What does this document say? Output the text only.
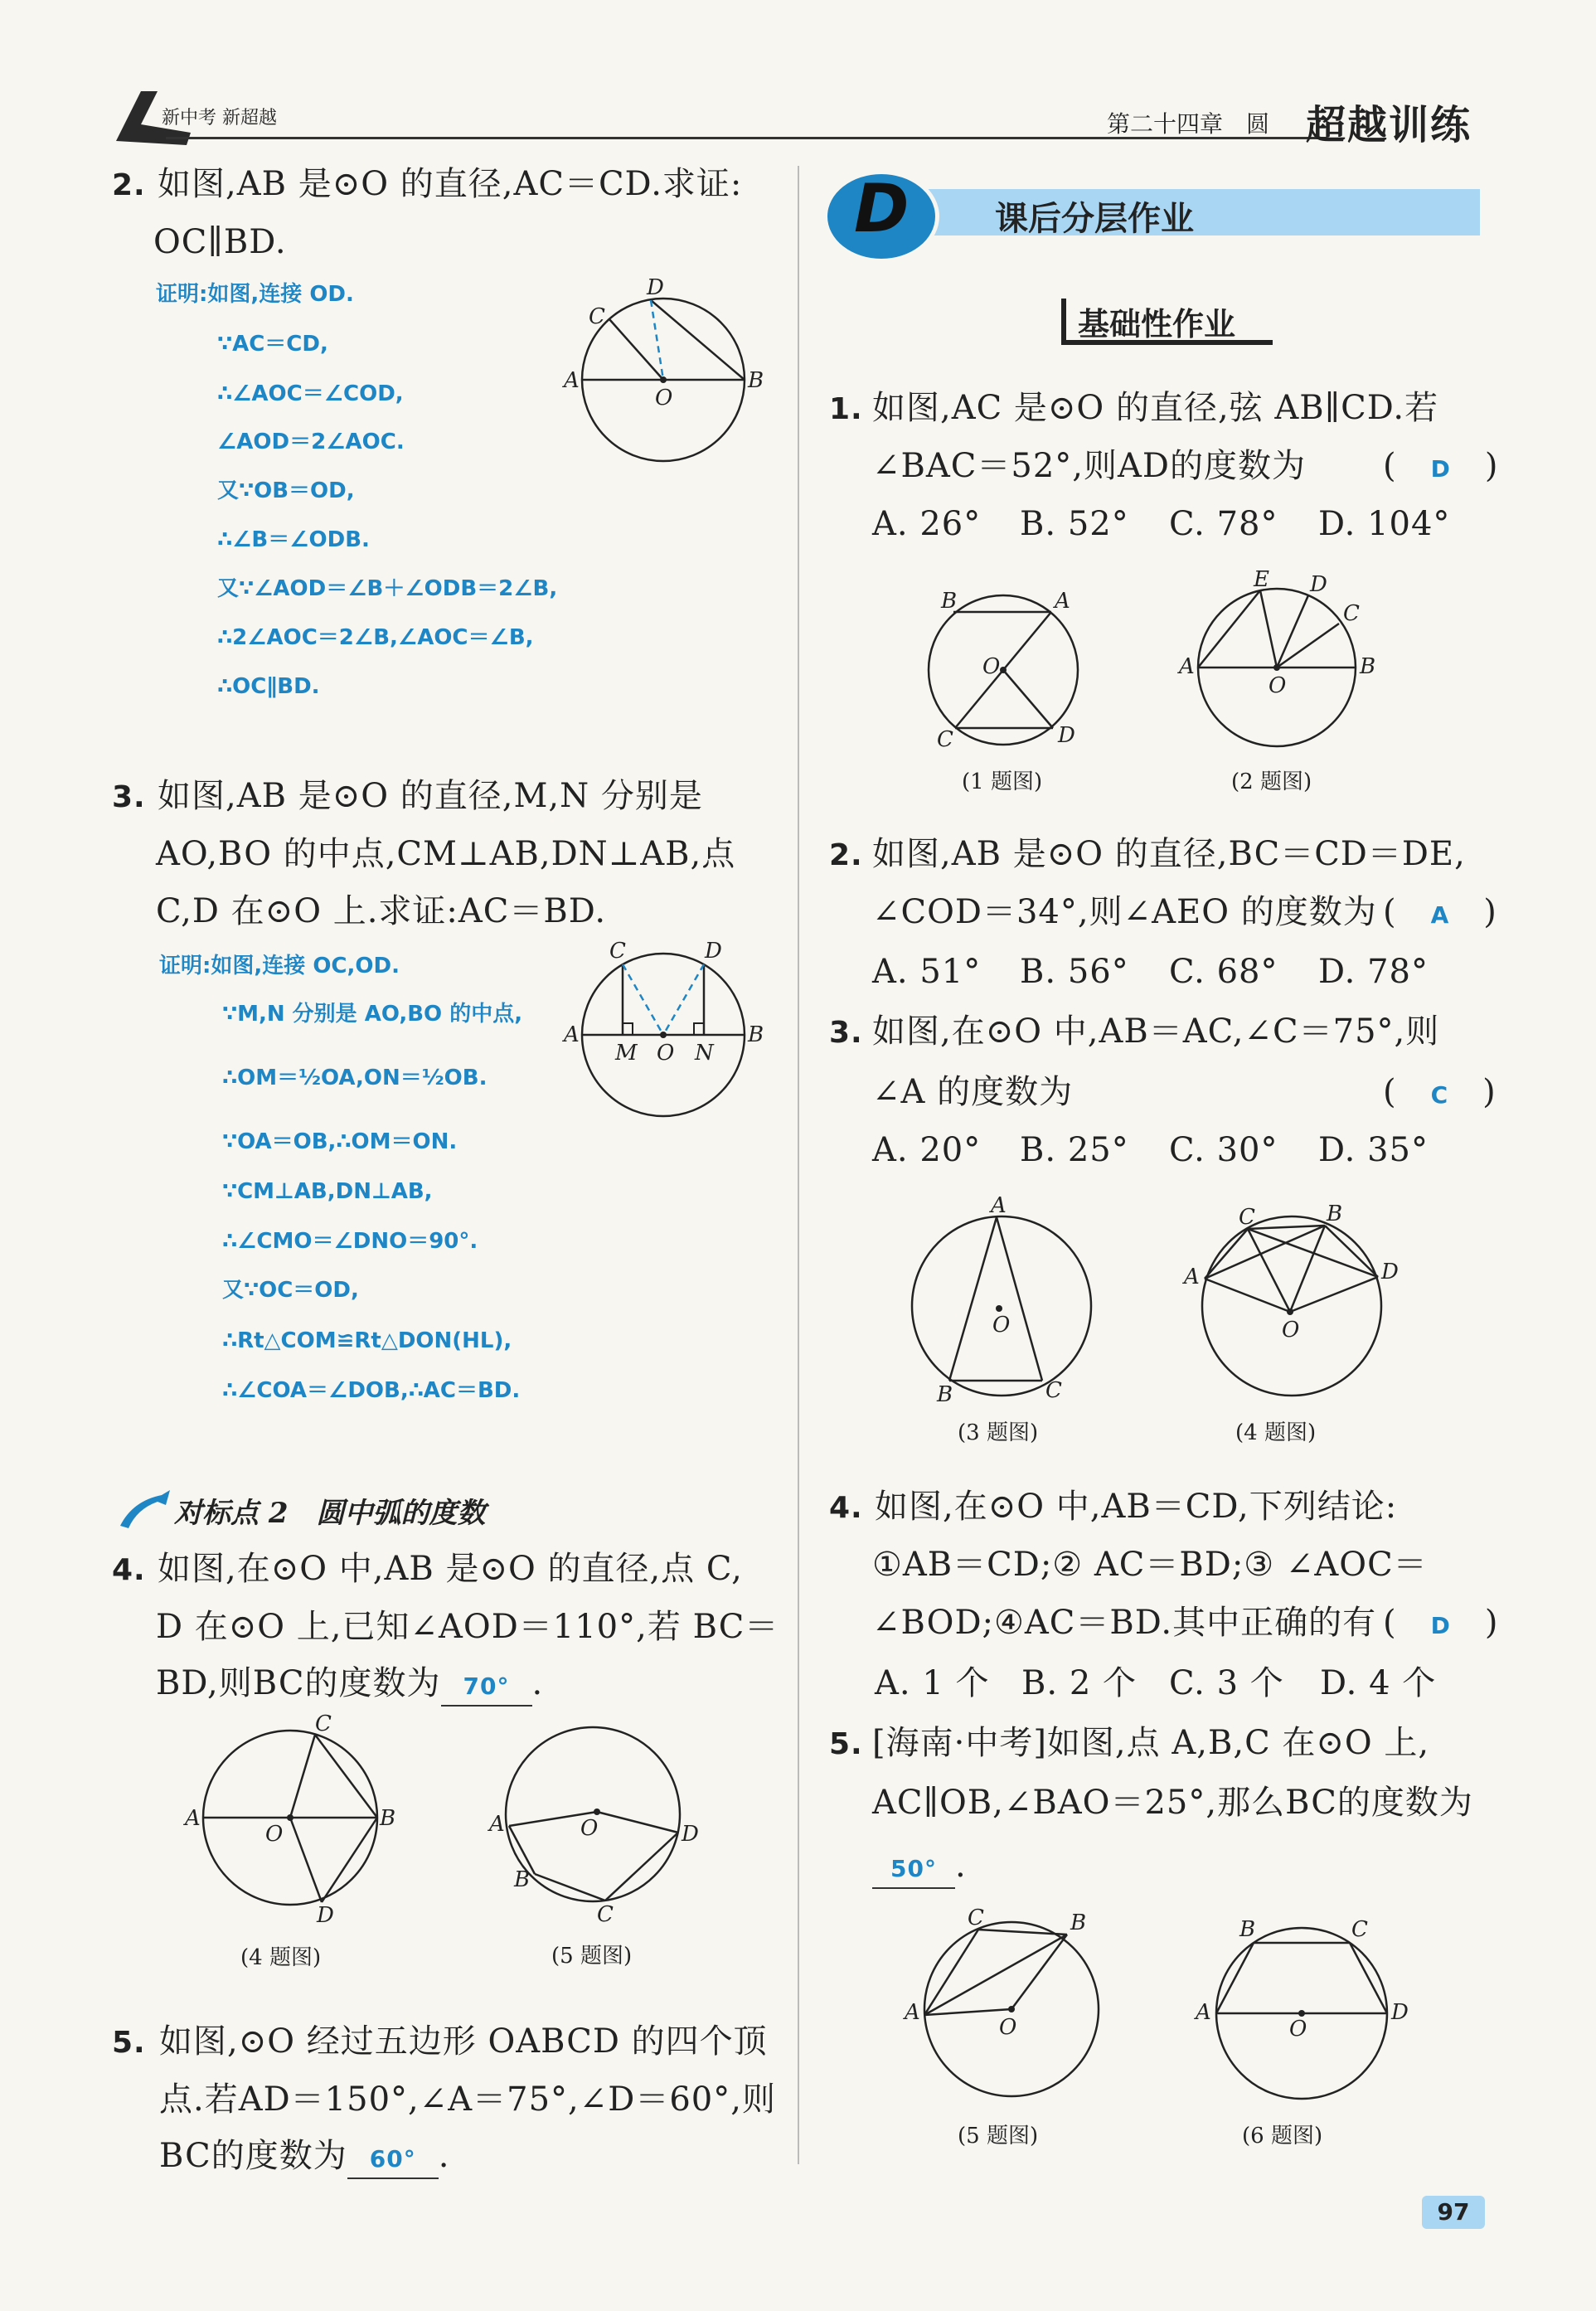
新中考 新超越	第二十四章　圆 超越训练
2. 如图,AB 是⊙O 的直径,AC＝CD.求证:
OC∥BD.
证明:如图,连接 OD.
∵AC＝CD,
∴∠AOC＝∠COD,
∠AOD＝2∠AOC.
又∵OB＝OD,
∴∠B＝∠ODB.
又∵∠AOD＝∠B＋∠ODB＝2∠B,
∴2∠AOC＝2∠B,∠AOC＝∠B,
∴OC∥BD.
C
D
A
O
B
3. 如图,AB 是⊙O 的直径,M,N 分别是
AO,BO 的中点,CM⊥AB,DN⊥AB,点
C,D 在⊙O 上.求证:AC＝BD.
证明:如图,连接 OC,OD.
∵M,N 分别是 AO,BO 的中点,
∴OM＝½OA,ON＝½OB.
∵OA＝OB,∴OM＝ON.
∵CM⊥AB,DN⊥AB,
∴∠CMO＝∠DNO＝90°.
又∵OC＝OD,
∴Rt△COM≌Rt△DON(HL),
∴∠COA＝∠DOB,∴AC＝BD.
C	D
A
M O N
B
对标点 2　圆中弧的度数
4. 如图,在⊙O 中,AB 是⊙O 的直径,点 C,
D 在⊙O 上,已知∠AOD＝110°,若 BC＝
BD,则BC的度数为 70° .
C
A
O
B
D
(4 题图)
O
A	D
B
C
(5 题图)
5. 如图,⊙O 经过五边形 OABCD 的四个顶
点.若AD＝150°,∠A＝75°,∠D＝60°,则
BC的度数为 60° .
D	课后分层作业
基础性作业
1. 如图,AC 是⊙O 的直径,弦 AB∥CD.若
∠BAC＝52°,则AD的度数为 (　D　)
A. 26° B. 52° C. 78° D. 104°
B	A
O
C	D
(1 题图)
E D
C
A
O
B
(2 题图)
2. 如图,AB 是⊙O 的直径,BC＝CD＝DE,
∠COD＝34°,则∠AEO 的度数为 (　A　)
A. 51° B. 56° C. 68° D. 78°
3. 如图,在⊙O 中,AB＝AC,∠C＝75°,则
∠A 的度数为	(　C　)
A. 20° B. 25° C. 30° D. 35°
A
O
B	C
(3 题图)
C	B
A	D
O
(4 题图)
4. 如图,在⊙O 中,AB＝CD,下列结论:
①AB＝CD;② AC＝BD;③ ∠AOC＝
∠BOD;④AC＝BD.其中正确的有 (　D　)
A. 1 个 B. 2 个 C. 3 个 D. 4 个
5. [海南·中考]如图,点 A,B,C 在⊙O 上,
AC∥OB,∠BAO＝25°,那么BC的度数为
50° .
C	B
A
O
(5 题图)
B	C
A
O
D
(6 题图)
97
